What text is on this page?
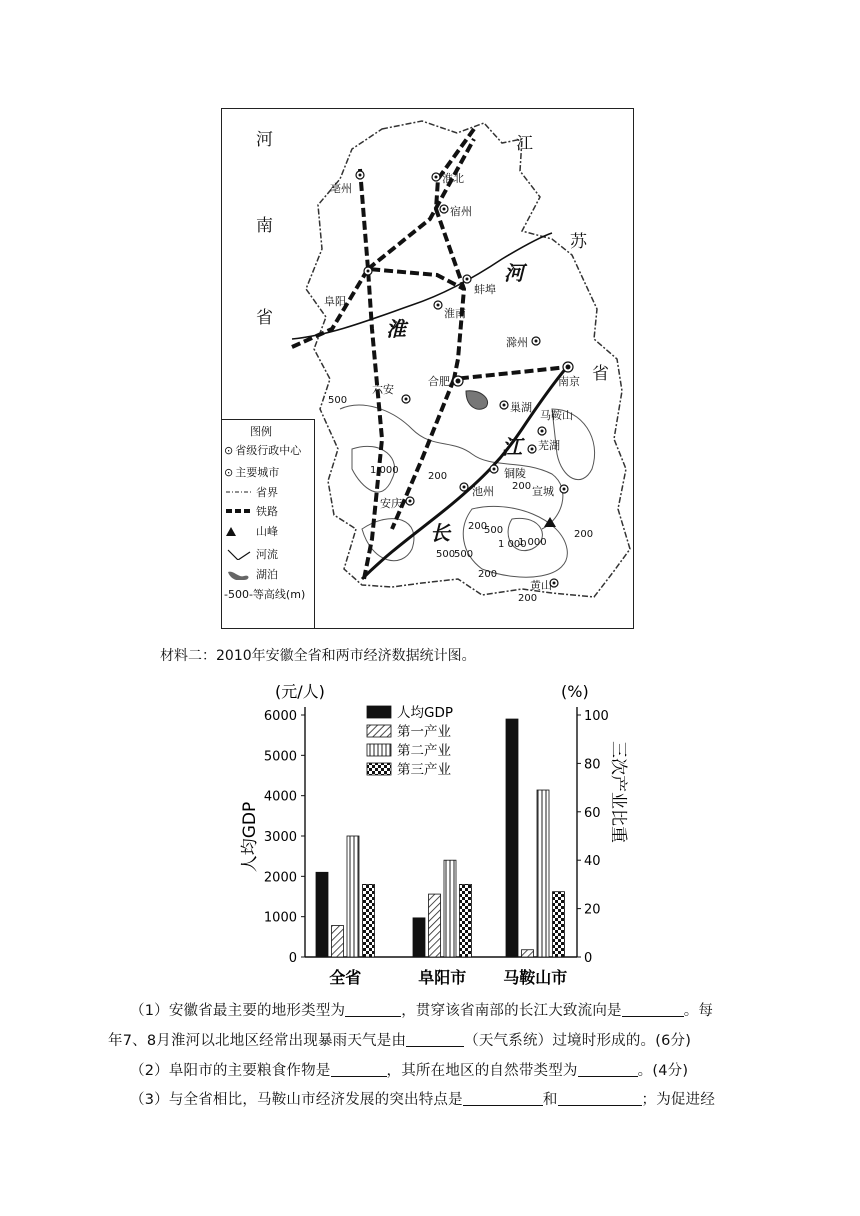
河
南
省
江
苏
省
淮
河
长
江
亳州
淮北
宿州
阜阳
蚌埠
淮南
滁州
南京
合肥
六安
巢湖
马鞍山
芜湖
铜陵
池州	宣城
安庆
黄山
500
1 000
200
200
1 000
200
500
500
1 000
500
200
200
200
图例
⊙ 省级行政中心
⊙ 主要城市
省界
铁路
山峰
河流
湖泊
-500-等高线(m)
材料二：2010年安徽全省和两市经济数据统计图。
0
1000
2000
3000
4000
5000
6000
0
20
40
60
80
100
(元/人)	(%)
人均GDP	三次产业比重
全省	阜阳市 马鞍山市
人均GDP
第一产业
第二产业
第三产业
（1）安徽省最主要的地形类型为	，贯穿该省南部的长江大致流向是	。每
年7、8月淮河以北地区经常出现暴雨天气是由	（天气系统）过境时形成的。(6分)
（2）阜阳市的主要粮食作物是	，其所在地区的自然带类型为	。(4分)
（3）与全省相比，马鞍山市经济发展的突出特点是	和	；为促进经
